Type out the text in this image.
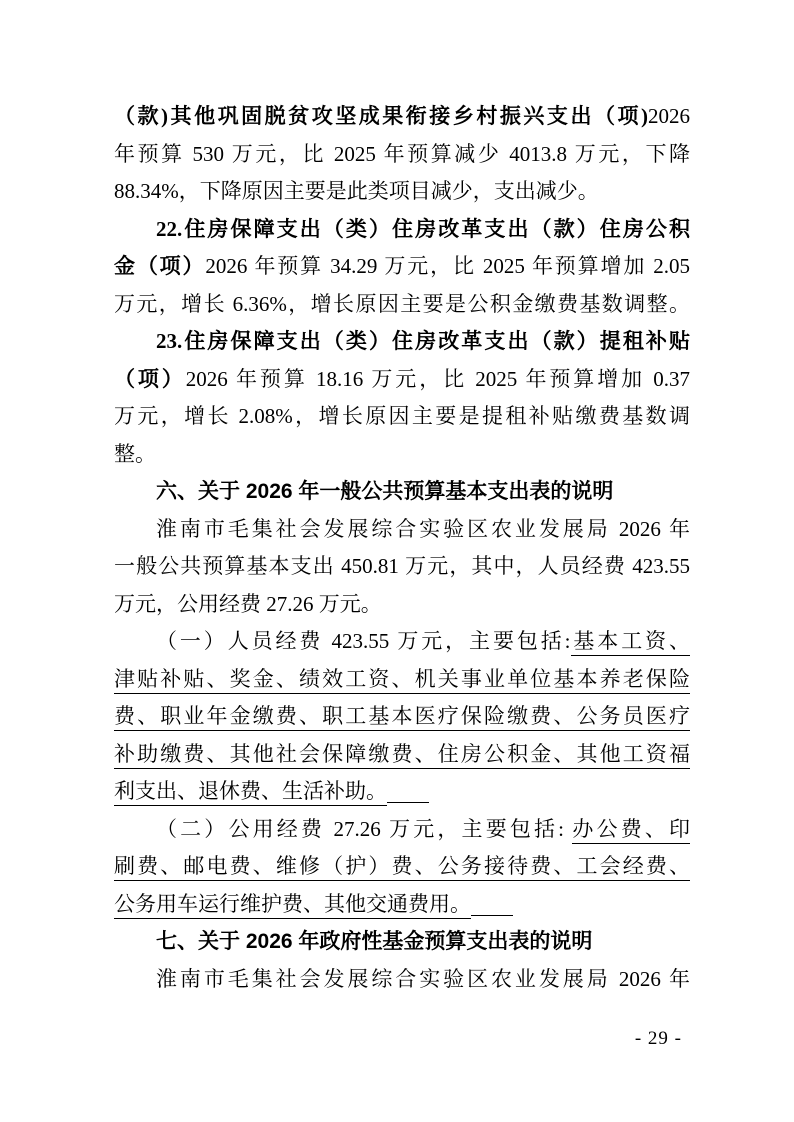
（款)其他巩固脱贫攻坚成果衔接乡村振兴支出（项)2026
年预算 530 万元，比 2025 年预算减少 4013.8 万元，下降
88.34%，下降原因主要是此类项目减少，支出减少。
22.住房保障支出（类）住房改革支出（款）住房公积
金（项）2026 年预算 34.29 万元，比 2025 年预算增加 2.05
万元，增长 6.36%，增长原因主要是公积金缴费基数调整。
23.住房保障支出（类）住房改革支出（款）提租补贴
（项）2026 年预算 18.16 万元，比 2025 年预算增加 0.37
万元，增长 2.08%，增长原因主要是提租补贴缴费基数调
整。
六、关于 2026 年一般公共预算基本支出表的说明
淮南市毛集社会发展综合实验区农业发展局 2026 年
一般公共预算基本支出 450.81 万元，其中，人员经费 423.55
万元，公用经费 27.26 万元。
（一）人员经费 423.55 万元，主要包括:基本工资、
津贴补贴、奖金、绩效工资、机关事业单位基本养老保险
费、职业年金缴费、职工基本医疗保险缴费、公务员医疗
补助缴费、其他社会保障缴费、住房公积金、其他工资福
利支出、退休费、生活补助。
（二）公用经费 27.26 万元，主要包括: 办公费、印
刷费、邮电费、维修（护）费、公务接待费、工会经费、
公务用车运行维护费、其他交通费用。
七、关于 2026 年政府性基金预算支出表的说明
淮南市毛集社会发展综合实验区农业发展局 2026 年
- 29 -
